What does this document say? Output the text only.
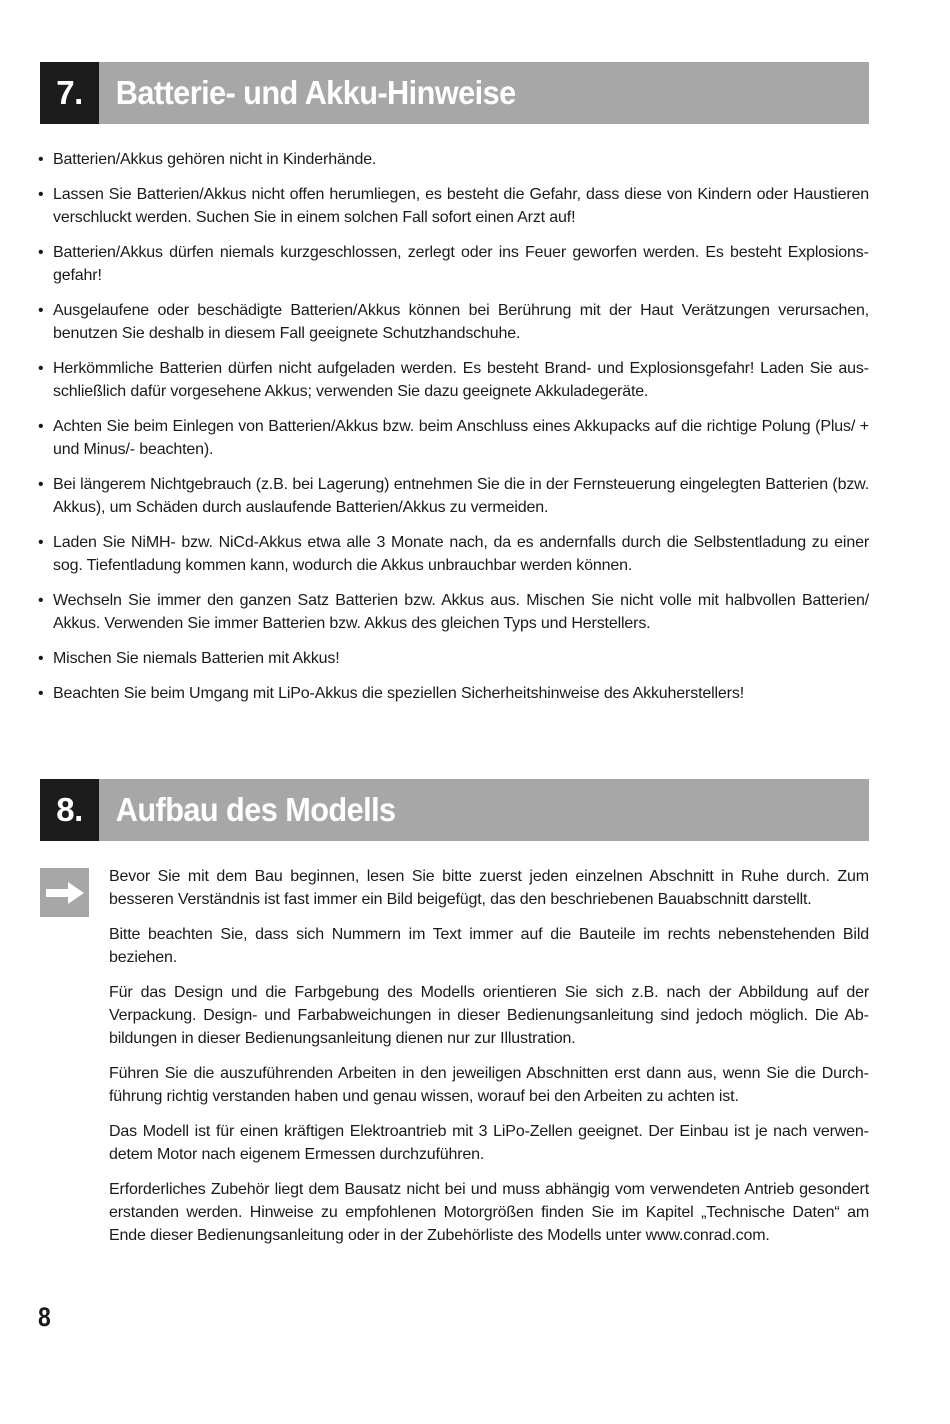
7. Batterie- und Akku-Hinweise
• Batterien/Akkus gehören nicht in Kinderhände.
• Lassen Sie Batterien/Akkus nicht offen herumliegen, es besteht die Gefahr, dass diese von Kindern oder Haustieren verschluckt werden. Suchen Sie in einem solchen Fall sofort einen Arzt auf!
• Batterien/Akkus dürfen niemals kurzgeschlossen, zerlegt oder ins Feuer geworfen werden. Es besteht Explosionsgefahr!
• Ausgelaufene oder beschädigte Batterien/Akkus können bei Berührung mit der Haut Verätzungen verursachen, benutzen Sie deshalb in diesem Fall geeignete Schutzhandschuhe.
• Herkömmliche Batterien dürfen nicht aufgeladen werden. Es besteht Brand- und Explosionsgefahr! Laden Sie ausschließlich dafür vorgesehene Akkus; verwenden Sie dazu geeignete Akkuladegeräte.
• Achten Sie beim Einlegen von Batterien/Akkus bzw. beim Anschluss eines Akkupacks auf die richtige Polung (Plus/ + und Minus/- beachten).
• Bei längerem Nichtgebrauch (z.B. bei Lagerung) entnehmen Sie die in der Fernsteuerung eingelegten Batterien (bzw. Akkus), um Schäden durch auslaufende Batterien/Akkus zu vermeiden.
• Laden Sie NiMH- bzw. NiCd-Akkus etwa alle 3 Monate nach, da es andernfalls durch die Selbstentladung zu einer sog. Tiefentladung kommen kann, wodurch die Akkus unbrauchbar werden können.
• Wechseln Sie immer den ganzen Satz Batterien bzw. Akkus aus. Mischen Sie nicht volle mit halbvollen Batterien/ Akkus. Verwenden Sie immer Batterien bzw. Akkus des gleichen Typs und Herstellers.
• Mischen Sie niemals Batterien mit Akkus!
• Beachten Sie beim Umgang mit LiPo-Akkus die speziellen Sicherheitshinweise des Akkuherstellers!
8. Aufbau des Modells

Bevor Sie mit dem Bau beginnen, lesen Sie bitte zuerst jeden einzelnen Abschnitt in Ruhe durch. Zum besseren Verständnis ist fast immer ein Bild beigefügt, das den beschriebenen Bauabschnitt darstellt.

Bitte beachten Sie, dass sich Nummern im Text immer auf die Bauteile im rechts nebenstehenden Bild beziehen.

Für das Design und die Farbgebung des Modells orientieren Sie sich z.B. nach der Abbildung auf der Verpackung. Design- und Farbabweichungen in dieser Bedienungsanleitung sind jedoch möglich. Die Abbildungen in dieser Bedienungsanleitung dienen nur zur Illustration.

Führen Sie die auszuführenden Arbeiten in den jeweiligen Abschnitten erst dann aus, wenn Sie die Durchführung richtig verstanden haben und genau wissen, worauf bei den Arbeiten zu achten ist.

Das Modell ist für einen kräftigen Elektroantrieb mit 3 LiPo-Zellen geeignet. Der Einbau ist je nach verwendetem Motor nach eigenem Ermessen durchzuführen.

Erforderliches Zubehör liegt dem Bausatz nicht bei und muss abhängig vom verwendeten Antrieb gesondert erstanden werden. Hinweise zu empfohlenen Motorgrößen finden Sie im Kapitel „Technische Daten“ am Ende dieser Bedienungsanleitung oder in der Zubehörliste des Modells unter www.conrad.com.

8
